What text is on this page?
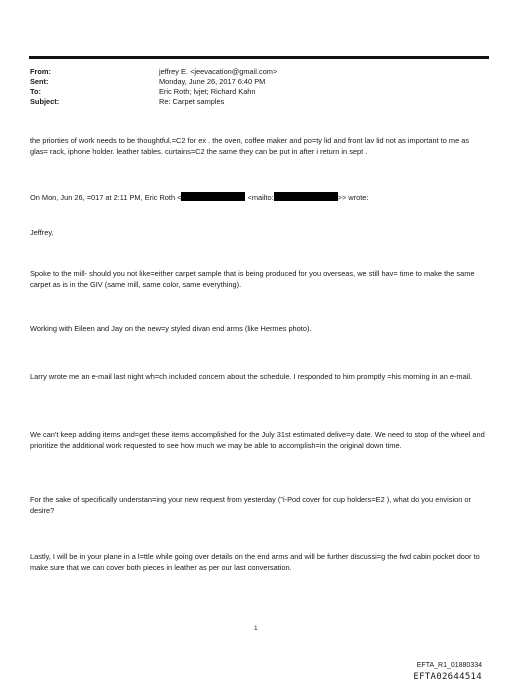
From:	jeffrey E. <jeevacation@gmail.com>
Sent:	Monday, June 26, 2017 6:40 PM
To:	Eric Roth; lvjet; Richard Kahn
Subject:	Re: Carpet samples
the priorties of work needs to be thoughtful.=C2 for ex . the oven, coffee maker and po=ty lid and front lav lid not as important to me as glas= rack, iphone holder. leather tables. curtains=C2 the same they can be put in after i return in sept .
On Mon, Jun 26, =017 at 2:11 PM, Eric Roth <	<mailto:	>> wrote:
Jeffrey,
Spoke to the mill- should you not like=either carpet sample that is being produced for you overseas, we still hav= time to make the same carpet as is in the GIV (same mill, same color, same everything).
Working with Eileen and Jay on the new=y styled divan end arms (like Hermes photo).
Larry wrote me an e-mail last night wh=ch included concern about the schedule. I responded to him promptly =his morning in an e-mail.
We can't keep adding items and=get these items accomplished for the July 31st estimated delive=y date. We need to stop of the wheel and prioritize the additional work requested to see how much we may be able to accomplish=in the original down time.
For the sake of specifically understan=ing your new request from yesterday ("i-Pod cover for cup holders=E2 ), what do you envision or desire?
Lastly, I will be in your plane in a l=ttle while going over details on the end arms and will be further discussi=g the fwd cabin pocket door to make sure that we can cover both pieces in leather as per our last conversation.
1
EFTA_R1_01880334
EFTA02644514
